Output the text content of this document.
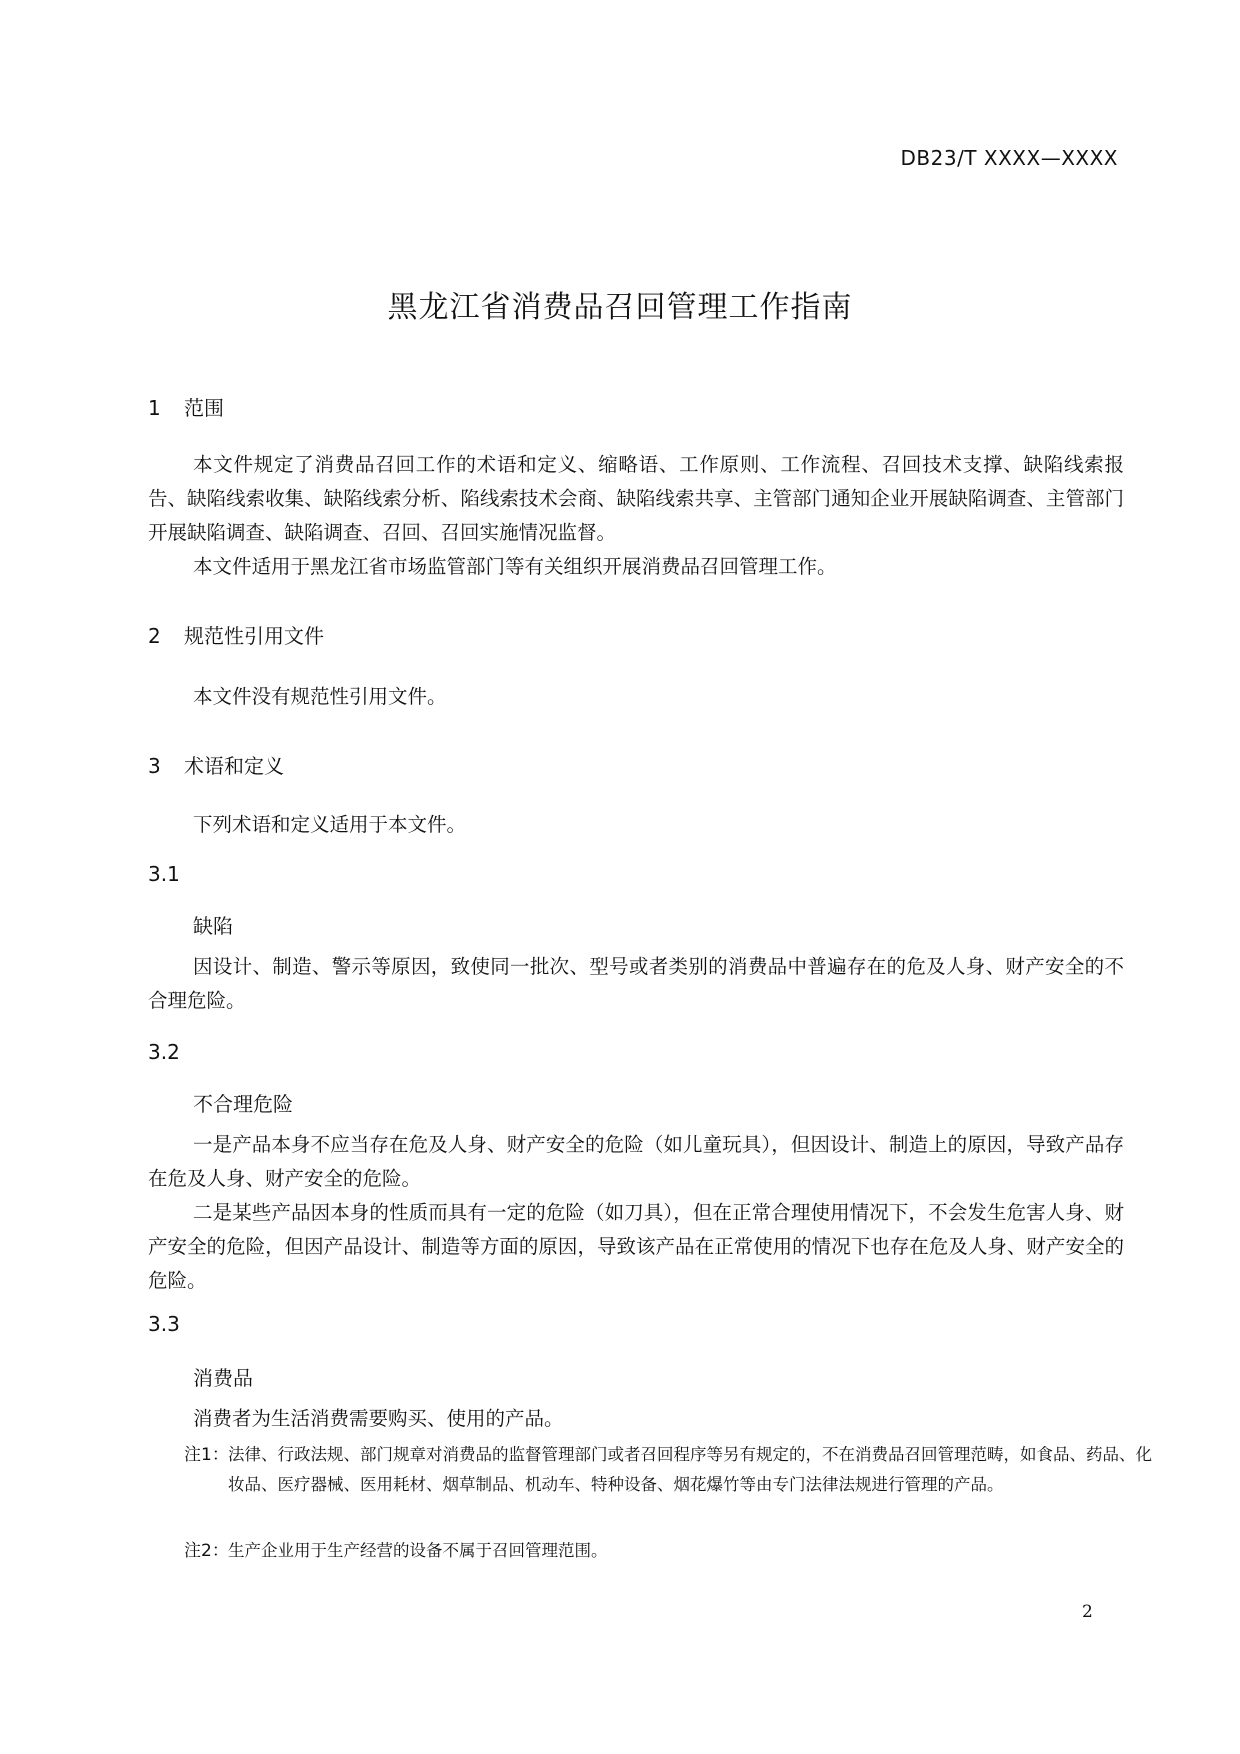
DB23/T XXXX—XXXX
黑龙江省消费品召回管理工作指南
1 范围

本文件规定了消费品召回工作的术语和定义、缩略语、工作原则、工作流程、召回技术支撑、缺陷线索报告、缺陷线索收集、缺陷线索分析、陷线索技术会商、缺陷线索共享、主管部门通知企业开展缺陷调查、主管部门开展缺陷调查、缺陷调查、召回、召回实施情况监督。

本文件适用于黑龙江省市场监管部门等有关组织开展消费品召回管理工作。

2 规范性引用文件

本文件没有规范性引用文件。

3 术语和定义

下列术语和定义适用于本文件。

3.1
缺陷

因设计、制造、警示等原因，致使同一批次、型号或者类别的消费品中普遍存在的危及人身、财产安全的不合理危险。

3.2
不合理危险

一是产品本身不应当存在危及人身、财产安全的危险（如儿童玩具），但因设计、制造上的原因，导致产品存在危及人身、财产安全的危险。

二是某些产品因本身的性质而具有一定的危险（如刀具），但在正常合理使用情况下，不会发生危害人身、财产安全的危险，但因产品设计、制造等方面的原因，导致该产品在正常使用的情况下也存在危及人身、财产安全的危险。

3.3
消费品

消费者为生活消费需要购买、使用的产品。

注1： 法律、行政法规、部门规章对消费品的监督管理部门或者召回程序等另有规定的，不在消费品召回管理范畴，如食品、药品、化妆品、医疗器械、医用耗材、烟草制品、机动车、特种设备、烟花爆竹等由专门法律法规进行管理的产品。
注2： 生产企业用于生产经营的设备不属于召回管理范围。
2
